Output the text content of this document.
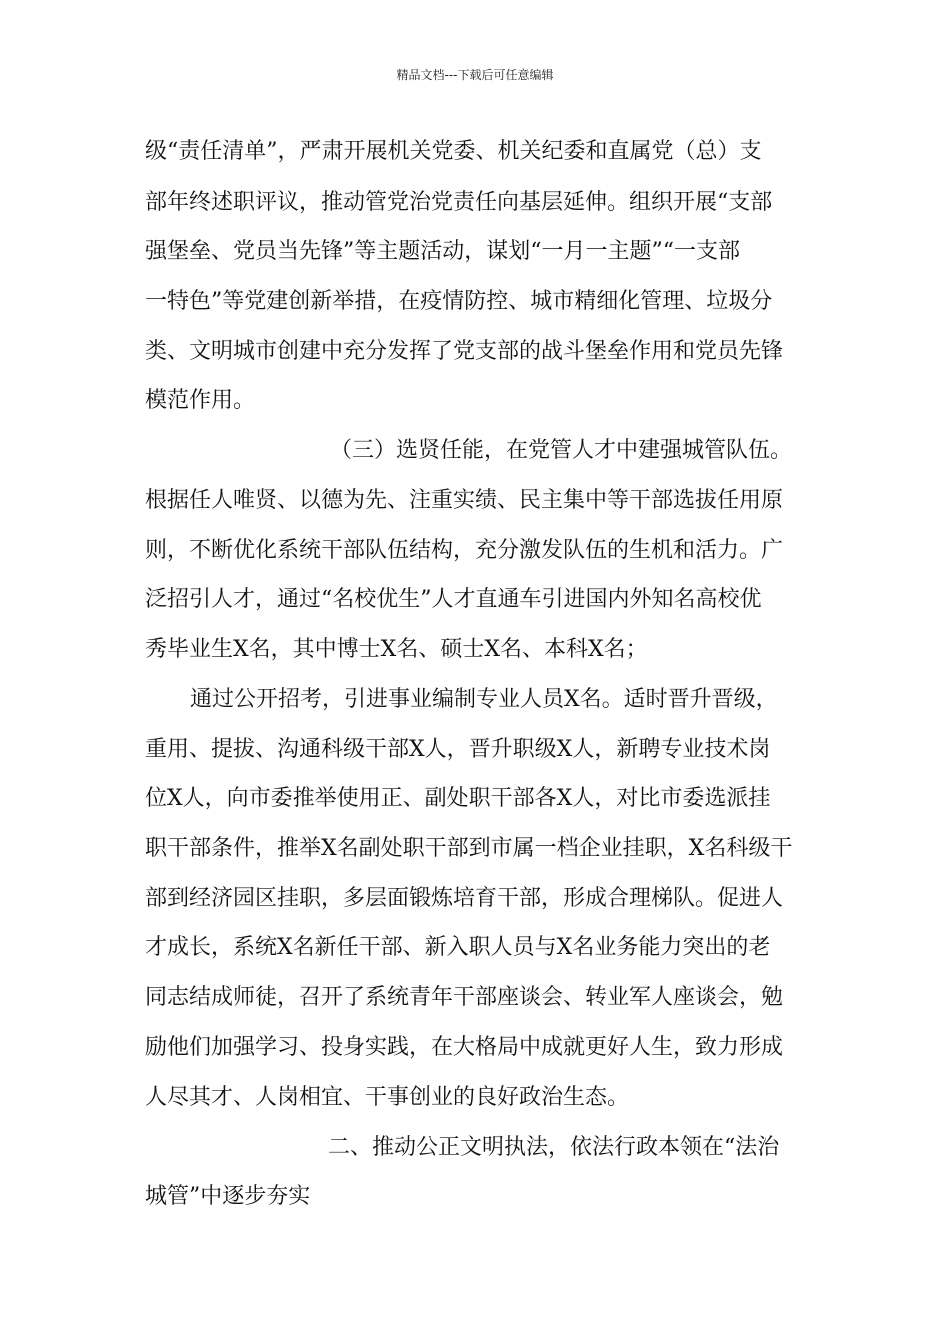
精品文档---下载后可任意编辑
级“责任清单”，严肃开展机关党委、机关纪委和直属党（总）支
部年终述职评议，推动管党治党责任向基层延伸。组织开展“支部
强堡垒、党员当先锋”等主题活动，谋划“一月一主题”“一支部
一特色”等党建创新举措，在疫情防控、城市精细化管理、垃圾分
类、文明城市创建中充分发挥了党支部的战斗堡垒作用和党员先锋
模范作用。
（三）选贤任能，在党管人才中建强城管队伍。
根据任人唯贤、以德为先、注重实绩、民主集中等干部选拔任用原
则，不断优化系统干部队伍结构，充分激发队伍的生机和活力。广
泛招引人才，通过“名校优生”人才直通车引进国内外知名高校优
秀毕业生X名，其中博士X名、硕士X名、本科X名；
通过公开招考，引进事业编制专业人员X名。适时晋升晋级，
重用、提拔、沟通科级干部X人，晋升职级X人，新聘专业技术岗
位X人，向市委推举使用正、副处职干部各X人，对比市委选派挂
职干部条件，推举X名副处职干部到市属一档企业挂职，X名科级干
部到经济园区挂职，多层面锻炼培育干部，形成合理梯队。促进人
才成长，系统X名新任干部、新入职人员与X名业务能力突出的老
同志结成师徒，召开了系统青年干部座谈会、转业军人座谈会，勉
励他们加强学习、投身实践，在大格局中成就更好人生，致力形成
人尽其才、人岗相宜、干事创业的良好政治生态。
二、推动公正文明执法，依法行政本领在“法治
城管”中逐步夯实
